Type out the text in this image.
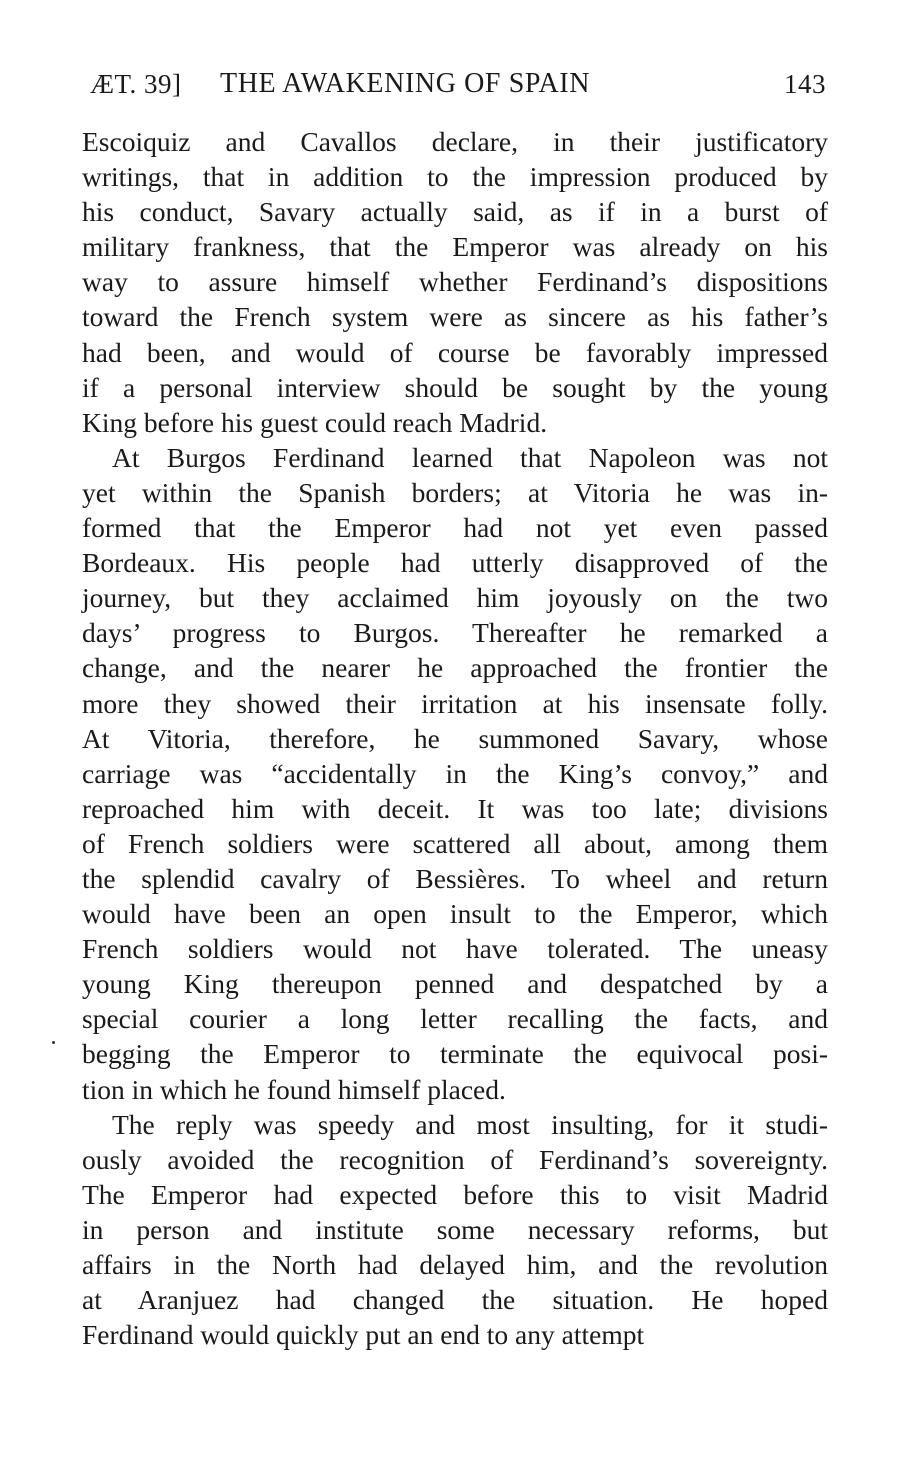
ÆT. 39] THE AWAKENING OF SPAIN	143
Escoiquiz and Cavallos declare, in their justificatory
writings, that in addition to the impression produced by
his conduct, Savary actually said, as if in a burst of
military frankness, that the Emperor was already on his
way to assure himself whether Ferdinand’s dispositions
toward the French system were as sincere as his father’s
had been, and would of course be favorably impressed
if a personal interview should be sought by the young
King before his guest could reach Madrid.
At Burgos Ferdinand learned that Napoleon was not
yet within the Spanish borders; at Vitoria he was in-
formed that the Emperor had not yet even passed
Bordeaux. His people had utterly disapproved of the
journey, but they acclaimed him joyously on the two
days’ progress to Burgos. Thereafter he remarked a
change, and the nearer he approached the frontier the
more they showed their irritation at his insensate folly.
At Vitoria, therefore, he summoned Savary, whose
carriage was “accidentally in the King’s convoy,” and
reproached him with deceit. It was too late; divisions
of French soldiers were scattered all about, among them
the splendid cavalry of Bessières. To wheel and return
would have been an open insult to the Emperor, which
French soldiers would not have tolerated. The uneasy
young King thereupon penned and despatched by a
special courier a long letter recalling the facts, and
begging the Emperor to terminate the equivocal posi-
tion in which he found himself placed.
The reply was speedy and most insulting, for it studi-
ously avoided the recognition of Ferdinand’s sovereignty.
The Emperor had expected before this to visit Madrid
in person and institute some necessary reforms, but
affairs in the North had delayed him, and the revolution
at Aranjuez had changed the situation. He hoped
Ferdinand would quickly put an end to any attempt
